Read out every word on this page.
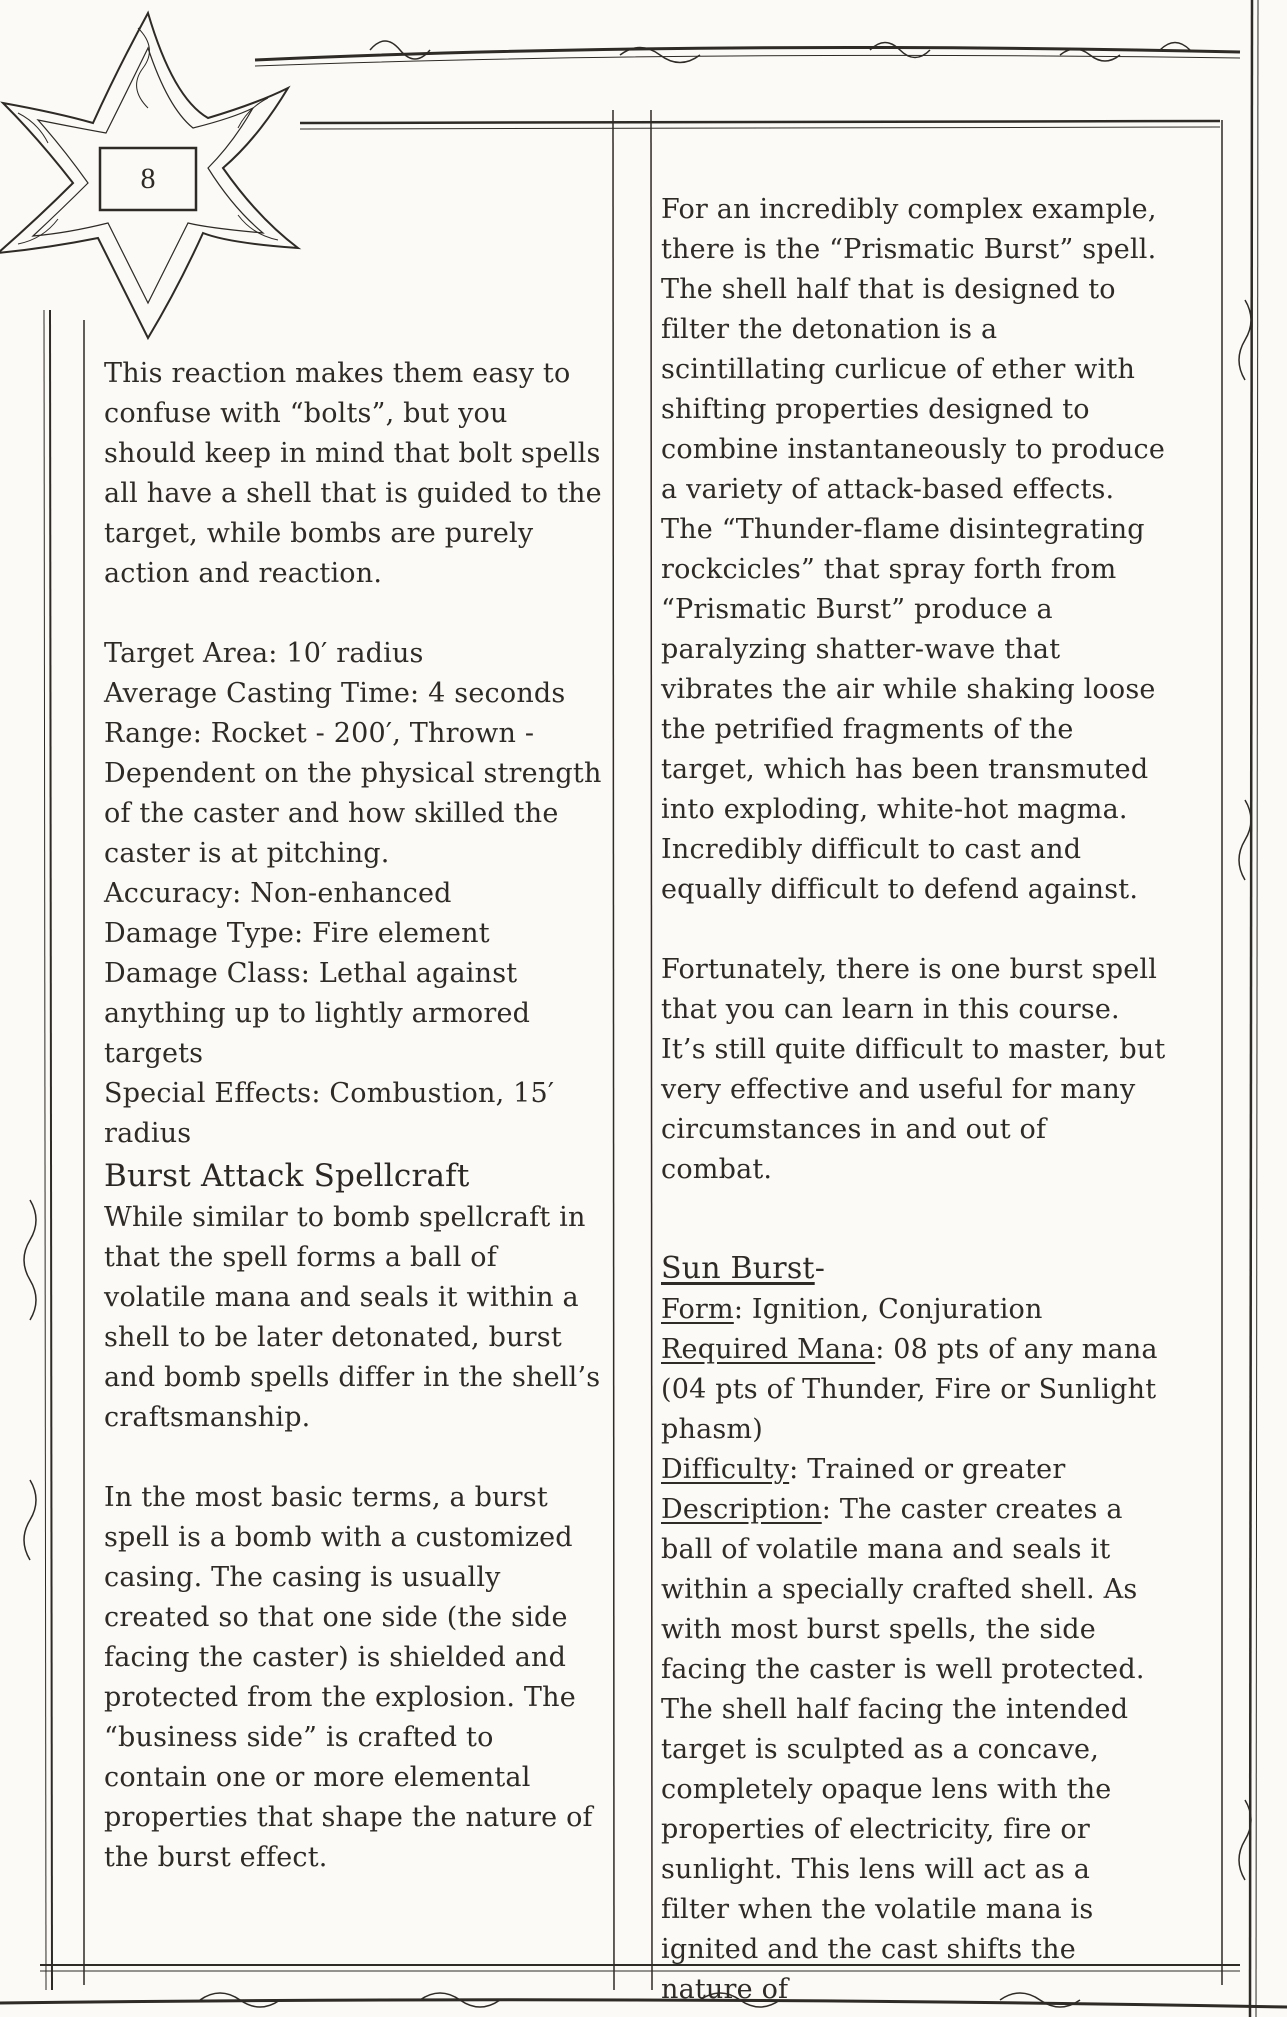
8

This reaction makes them easy to confuse with “bolts”, but you should keep in mind that bolt spells all have a shell that is guided to the target, while bombs are purely action and reaction.

Target Area: 10′ radius

Average Casting Time: 4 seconds

Range: Rocket - 200′, Thrown - Dependent on the physical strength of the caster and how skilled the caster is at pitching.

Accuracy: Non-enhanced

Damage Type: Fire element

Damage Class: Lethal against anything up to lightly armored targets

Special Effects: Combustion, 15′ radius

Burst Attack Spellcraft

While similar to bomb spellcraft in that the spell forms a ball of volatile mana and seals it within a shell to be later detonated, burst and bomb spells differ in the shell’s craftsmanship.

In the most basic terms, a burst spell is a bomb with a customized casing. The casing is usually created so that one side (the side facing the caster) is shielded and protected from the explosion. The “business side” is crafted to contain one or more elemental properties that shape the nature of the burst effect.

For an incredibly complex example, there is the “Prismatic Burst” spell. The shell half that is designed to filter the detonation is a scintillating curlicue of ether with shifting properties designed to combine instantaneously to produce a variety of attack-based effects. The “Thunder-flame disintegrating rockcicles” that spray forth from “Prismatic Burst” produce a paralyzing shatter-wave that vibrates the air while shaking loose the petrified fragments of the target, which has been transmuted into exploding, white-hot magma. Incredibly difficult to cast and equally difficult to defend against.

Fortunately, there is one burst spell that you can learn in this course. It’s still quite difficult to master, but very effective and useful for many circumstances in and out of combat.

Sun Burst-

Form: Ignition, Conjuration

Required Mana: 08 pts of any mana (04 pts of Thunder, Fire or Sunlight phasm)

Difficulty: Trained or greater

Description: The caster creates a ball of volatile mana and seals it within a specially crafted shell. As with most burst spells, the side facing the caster is well protected. The shell half facing the intended target is sculpted as a concave, completely opaque lens with the properties of electricity, fire or sunlight. This lens will act as a filter when the volatile mana is ignited and the cast shifts the nature of
